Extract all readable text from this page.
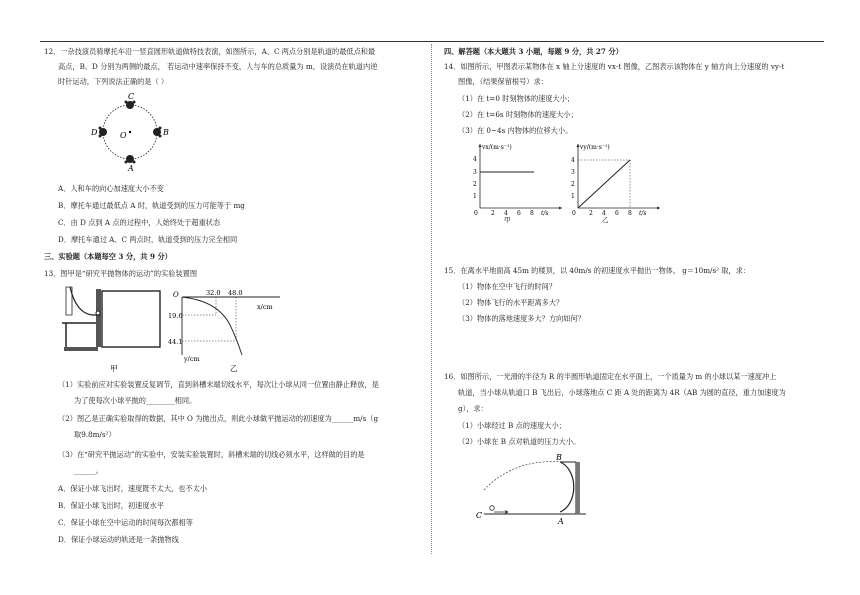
12．一杂技演员骑摩托车沿一竖直圆形轨道做特技表演，如图所示，A、C 两点分别是轨道的最低点和最
高点，B、D 分别为两侧的最点， 若运动中速率保持不变，人与车的总质量为 m，设演员在轨道内逆
时针运动，下列说法正确的是（ ）
C
D	O	B
A
A．人和车的向心加速度大小不变
B．摩托车通过最低点 A 时，轨道受到的压力可能等于 mg
C．由 D 点到 A 点的过程中，人始终处于超重状态
D．摩托车通过 A、C 两点时，轨道受到的压力完全相同
三、实验题（本题每空 3 分，共 9 分）
13．图甲是“研究平抛物体的运动”的实验装置图
甲
O	32.0 48.0
x/cm
19.6
44.1
y/cm
乙
（1）实验前应对实验装置反复调节，直到斜槽末端切线水平，每次让小球从同一位置由静止释放，是
为了使每次小球平抛的________相同。
（2）图乙是正确实验取得的数据，其中 O 为抛出点，则此小球做平抛运动的初速度为______m/s（g
取9.8m/s²）
（3）在“研究平抛运动”的实验中，安装实验装置时，斜槽末端的切线必须水平，这样做的目的是
______。
A．保证小球飞出时，速度既不太大，也不太小
B．保证小球飞出时，初速度水平
C．保证小球在空中运动的时间每次都相等
D．保证小球运动的轨迹是一条抛物线
四、解答题（本大题共 3 小题，每题 9 分，共 27 分）
14．如图所示，甲图表示某物体在 x 轴上分速度的 vx-t 图像，乙图表示该物体在 y 轴方向上分速度的 vy-t
图像，（结果保留根号）求：
（1）在 t=0 时刻物体的速度大小；
（2）在 t=6s 时刻物体的速度大小；
（3）在 0~4s 内物体的位移大小。
vx/(m·s⁻¹)
4
3
2
1
0 2 4 6 8 t/s
甲
vy/(m·s⁻¹)
4
3
2
1
0 2 4 6 8 t/s
乙
15．在离水平地面高 45m 的楼顶，以 40m/s 的初速度水平抛出一物体， g＝10m/s² 取，求：
（1）物体在空中飞行的时间？
（2）物体飞行的水平距离多大？
（3）物体的落地速度多大？方向如何？
16．如图所示，一光滑的半径为 R 的半圆形轨道固定在水平面上，一个质量为 m 的小球以某一速度冲上
轨道，当小球从轨道口 B 飞出后，小球落地点 C 距 A 处的距离为 4R（AB 为圆的直径，重力加速度为
g），求：
（1）小球经过 B 点的速度大小；
（2）小球在 B 点对轨道的压力大小。
B
A
C
